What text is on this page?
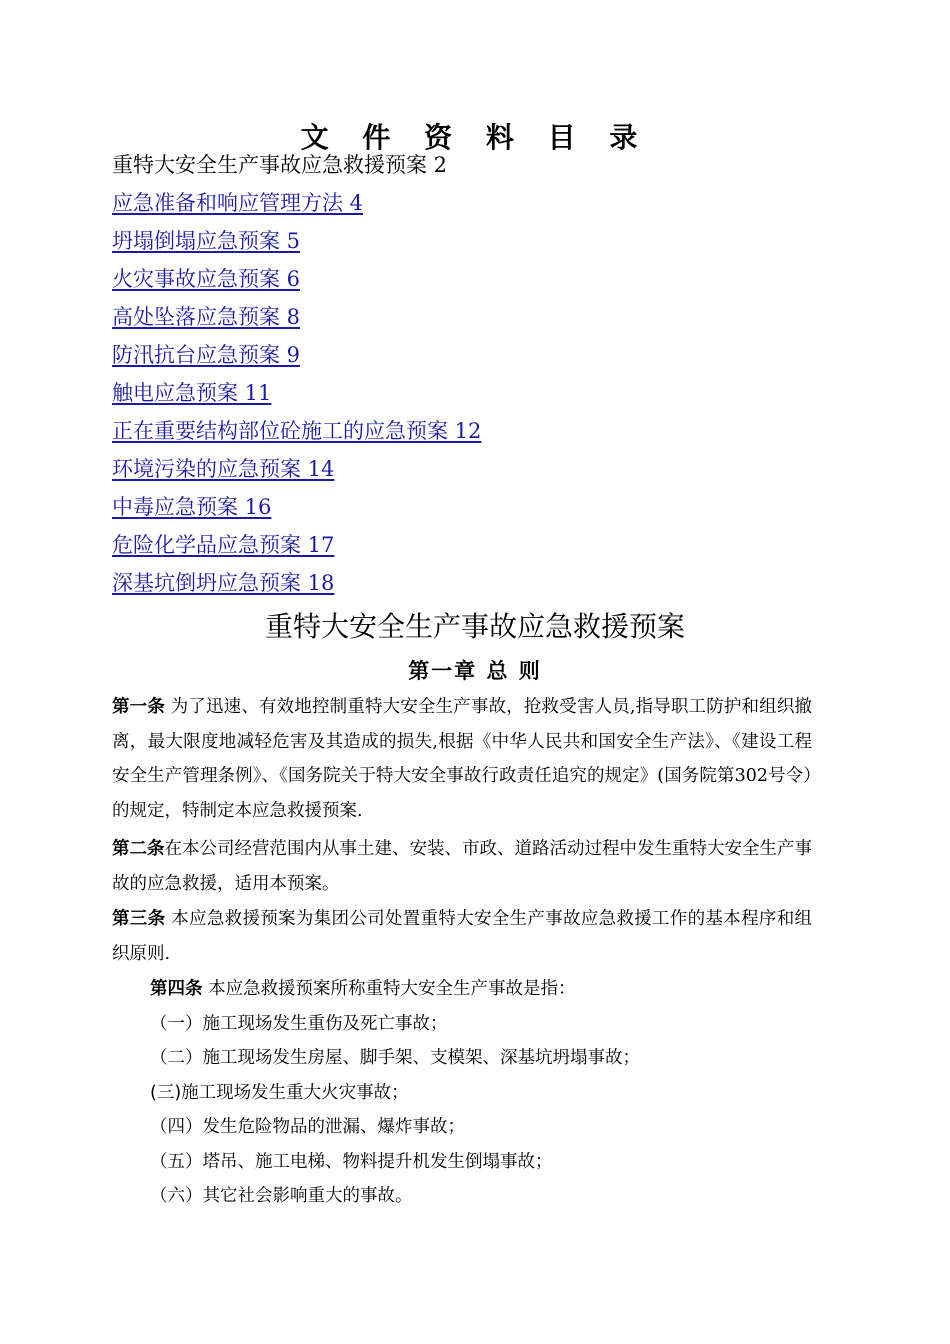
文 件 资 料 目 录
重特大安全生产事故应急救援预案 2
应急准备和响应管理方法 4
坍塌倒塌应急预案 5
火灾事故应急预案 6
高处坠落应急预案 8
防汛抗台应急预案 9
触电应急预案 11
正在重要结构部位砼施工的应急预案 12
环境污染的应急预案 14
中毒应急预案 16
危险化学品应急预案 17
深基坑倒坍应急预案 18
重特大安全生产事故应急救援预案
第一章 总 则
第一条 为了迅速、有效地控制重特大安全生产事故，抢救受害人员,指导职工防护和组织撤离，最大限度地减轻危害及其造成的损失,根据《中华人民共和国安全生产法》、《建设工程安全生产管理条例》、《国务院关于特大安全事故行政责任追究的规定》(国务院第302号令）的规定，特制定本应急救援预案.
第二条在本公司经营范围内从事土建、安装、市政、道路活动过程中发生重特大安全生产事故的应急救援，适用本预案。
第三条 本应急救援预案为集团公司处置重特大安全生产事故应急救援工作的基本程序和组织原则.
第四条 本应急救援预案所称重特大安全生产事故是指：
（一）施工现场发生重伤及死亡事故；
（二）施工现场发生房屋、脚手架、支模架、深基坑坍塌事故；
(三)施工现场发生重大火灾事故；
（四）发生危险物品的泄漏、爆炸事故；
（五）塔吊、施工电梯、物料提升机发生倒塌事故；
（六）其它社会影响重大的事故。
